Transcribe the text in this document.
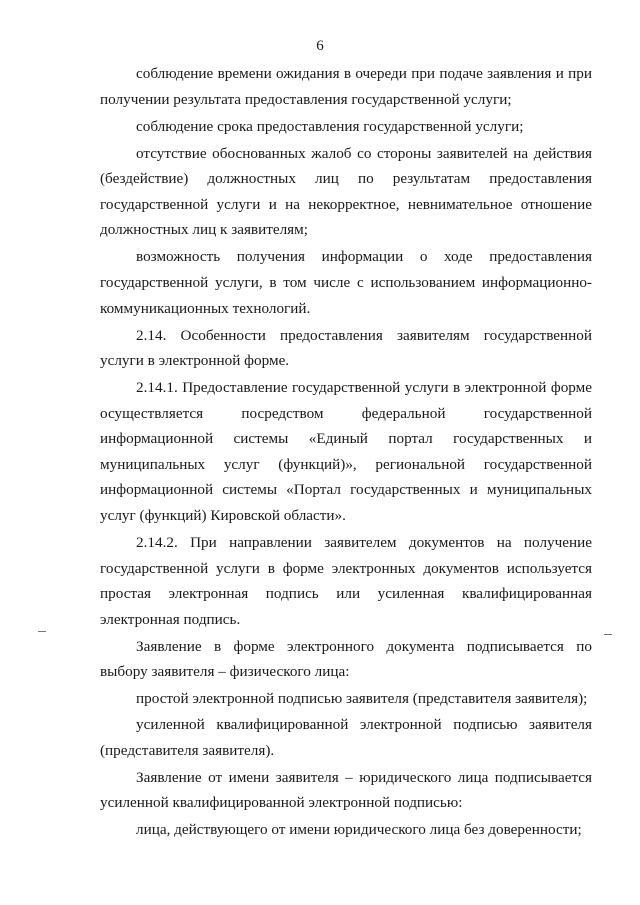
6

соблюдение времени ожидания в очереди при подаче заявления и при получении результата предоставления государственной услуги;

соблюдение срока предоставления государственной услуги;

отсутствие обоснованных жалоб со стороны заявителей на действия (бездействие) должностных лиц по результатам предоставления государственной услуги и на некорректное, невнимательное отношение должностных лиц к заявителям;

возможность получения информации о ходе предоставления государственной услуги, в том числе с использованием информационно-коммуникационных технологий.

2.14. Особенности предоставления заявителям государственной услуги в электронной форме.

2.14.1. Предоставление государственной услуги в электронной форме осуществляется посредством федеральной государственной информационной системы «Единый портал государственных и муниципальных услуг (функций)», региональной государственной информационной системы «Портал государственных и муниципальных услуг (функций) Кировской области».

2.14.2. При направлении заявителем документов на получение государственной услуги в форме электронных документов используется простая электронная подпись или усиленная квалифицированная электронная подпись.

Заявление в форме электронного документа подписывается по выбору заявителя – физического лица:

простой электронной подписью заявителя (представителя заявителя);

усиленной квалифицированной электронной подписью заявителя (представителя заявителя).

Заявление от имени заявителя – юридического лица подписывается усиленной квалифицированной электронной подписью:

лица, действующего от имени юридического лица без доверенности;
